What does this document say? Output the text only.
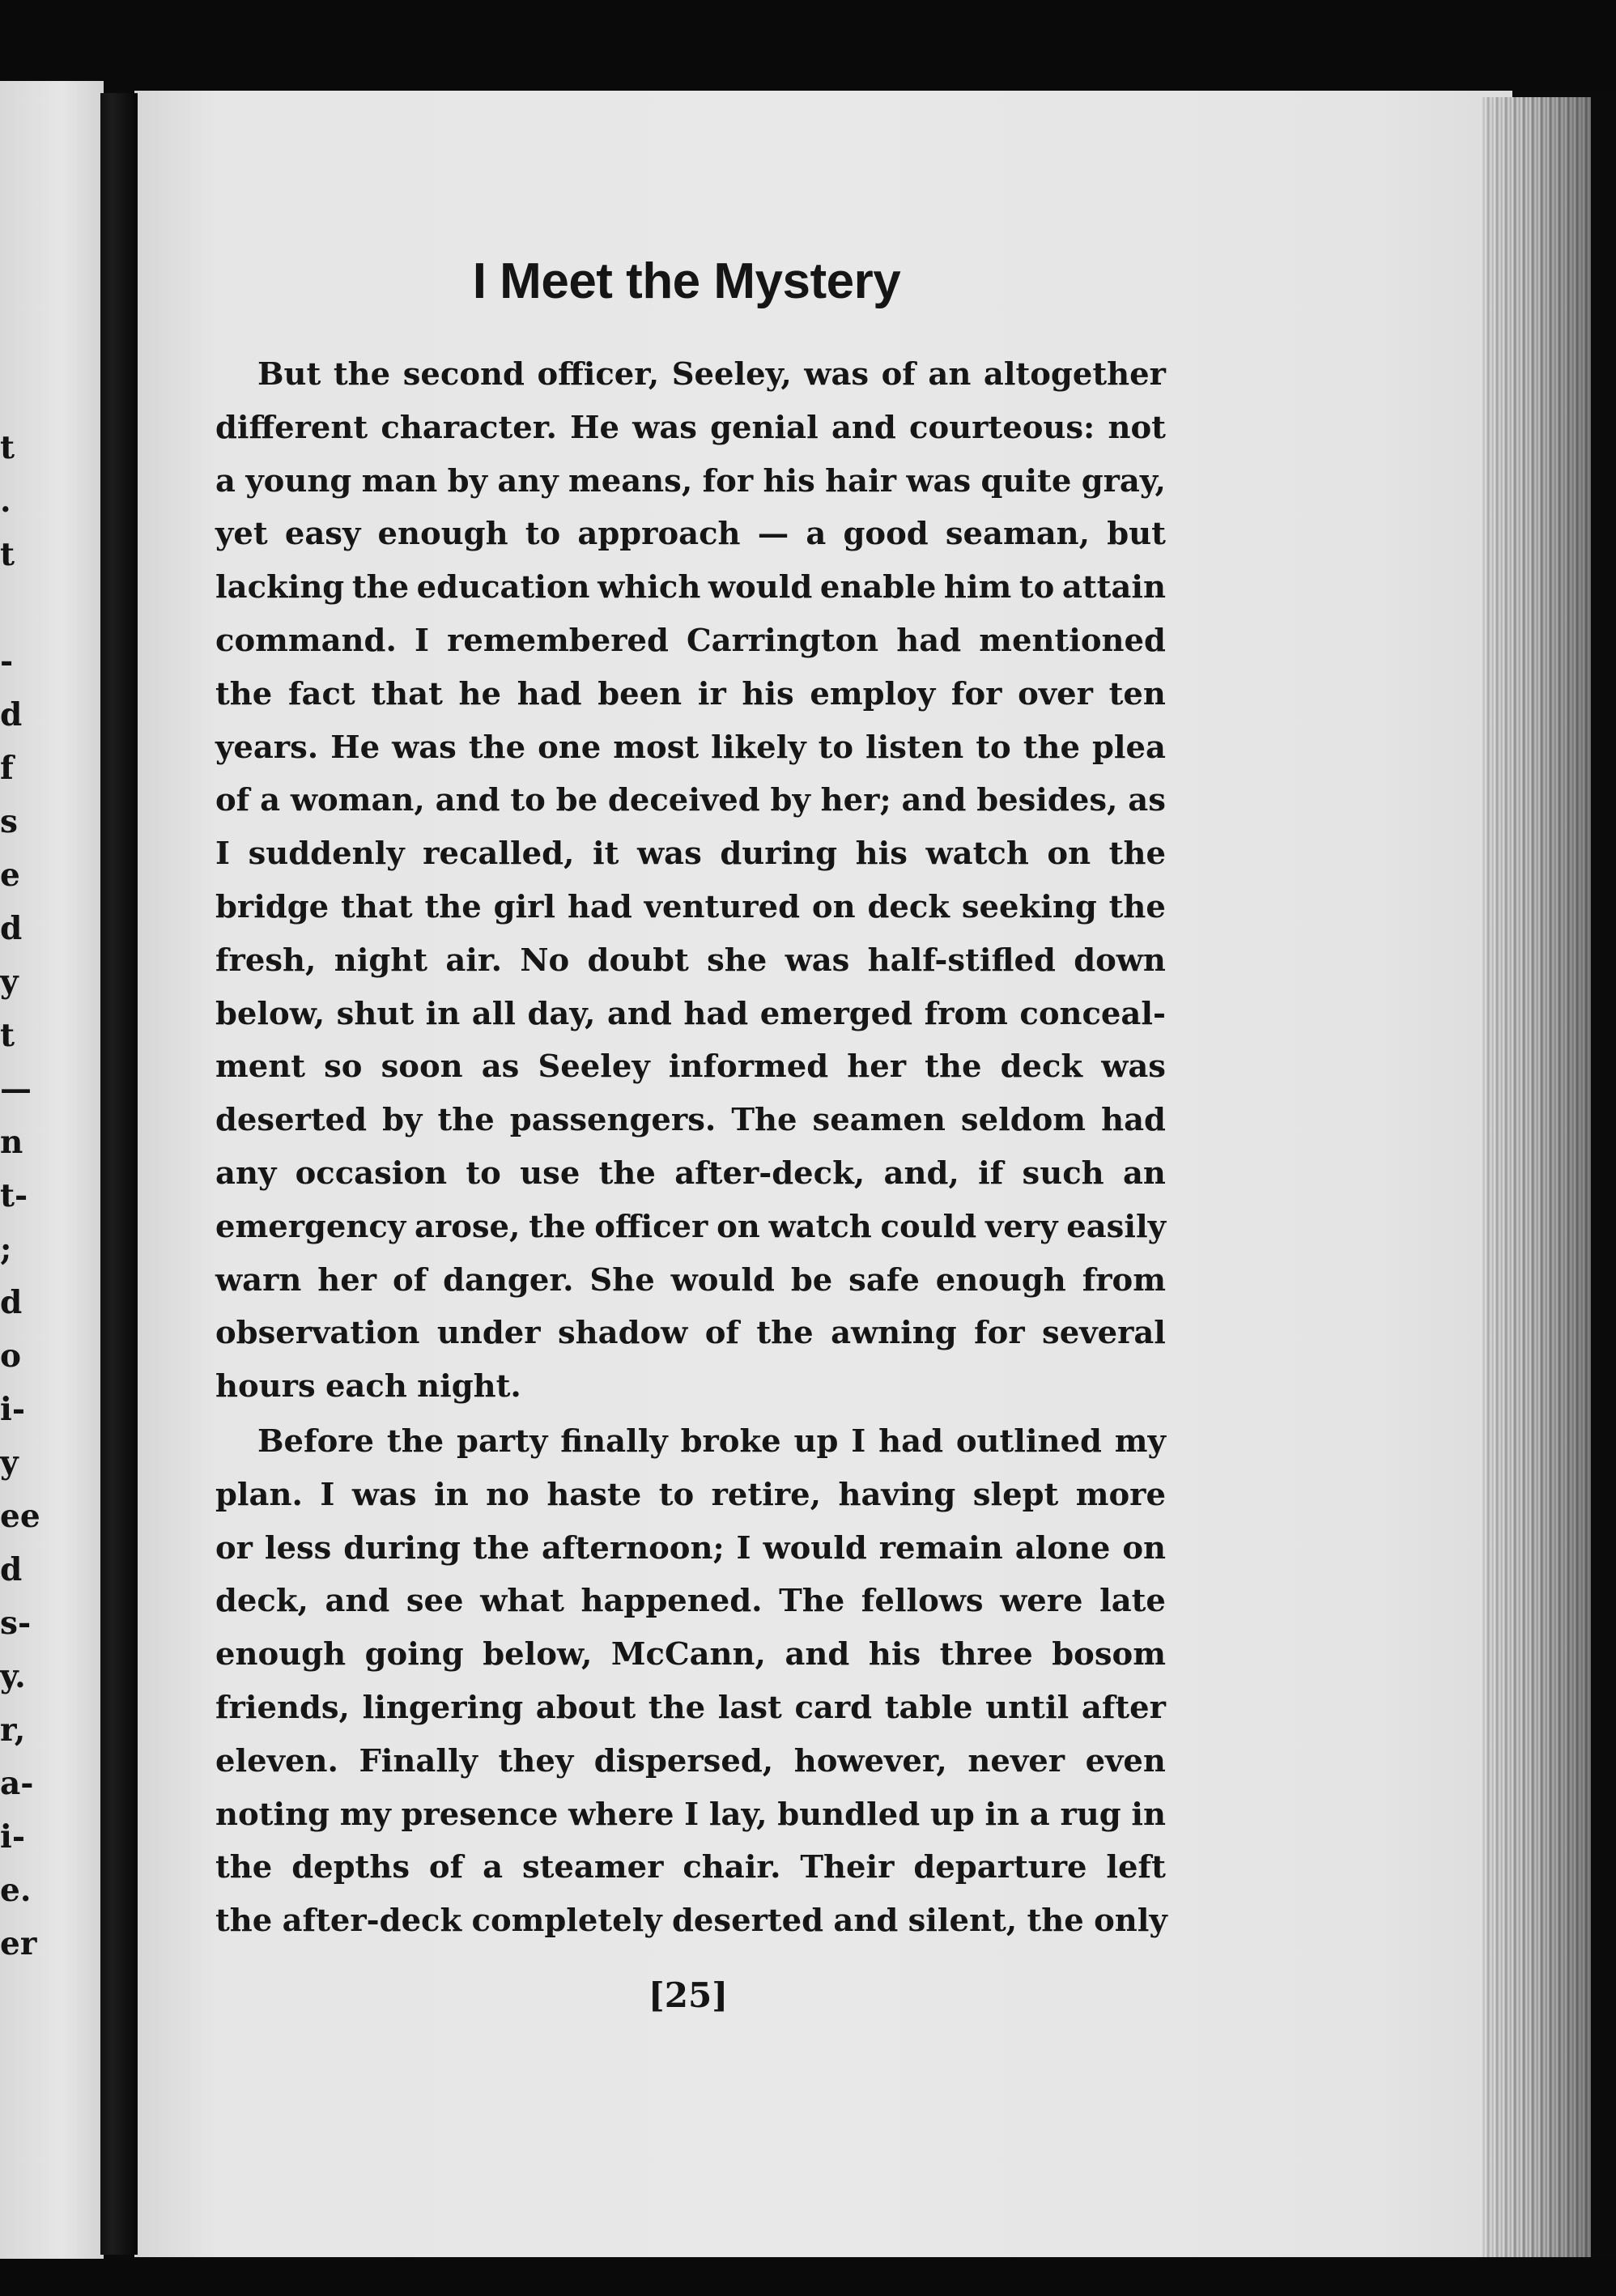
t
.
t
-
d
f
s
e
d
y
t
—
n
t-
;
d
o
i-
y
ee
d
s-
y.
r,
a-
i-
e.
er
I Meet the Mystery
But the second officer, Seeley, was of an altogether
different character. He was genial and courteous: not
a young man by any means, for his hair was quite gray,
yet easy enough to approach — a good seaman, but
lacking the education which would enable him to attain
command. I remembered Carrington had mentioned
the fact that he had been ir his employ for over ten
years. He was the one most likely to listen to the plea
of a woman, and to be deceived by her; and besides, as
I suddenly recalled, it was during his watch on the
bridge that the girl had ventured on deck seeking the
fresh, night air. No doubt she was half-stifled down
below, shut in all day, and had emerged from conceal-
ment so soon as Seeley informed her the deck was
deserted by the passengers. The seamen seldom had
any occasion to use the after-deck, and, if such an
emergency arose, the officer on watch could very easily
warn her of danger. She would be safe enough from
observation under shadow of the awning for several
hours each night.
Before the party finally broke up I had outlined my
plan. I was in no haste to retire, having slept more
or less during the afternoon; I would remain alone on
deck, and see what happened. The fellows were late
enough going below, McCann, and his three bosom
friends, lingering about the last card table until after
eleven. Finally they dispersed, however, never even
noting my presence where I lay, bundled up in a rug in
the depths of a steamer chair. Their departure left
the after-deck completely deserted and silent, the only
[25]
